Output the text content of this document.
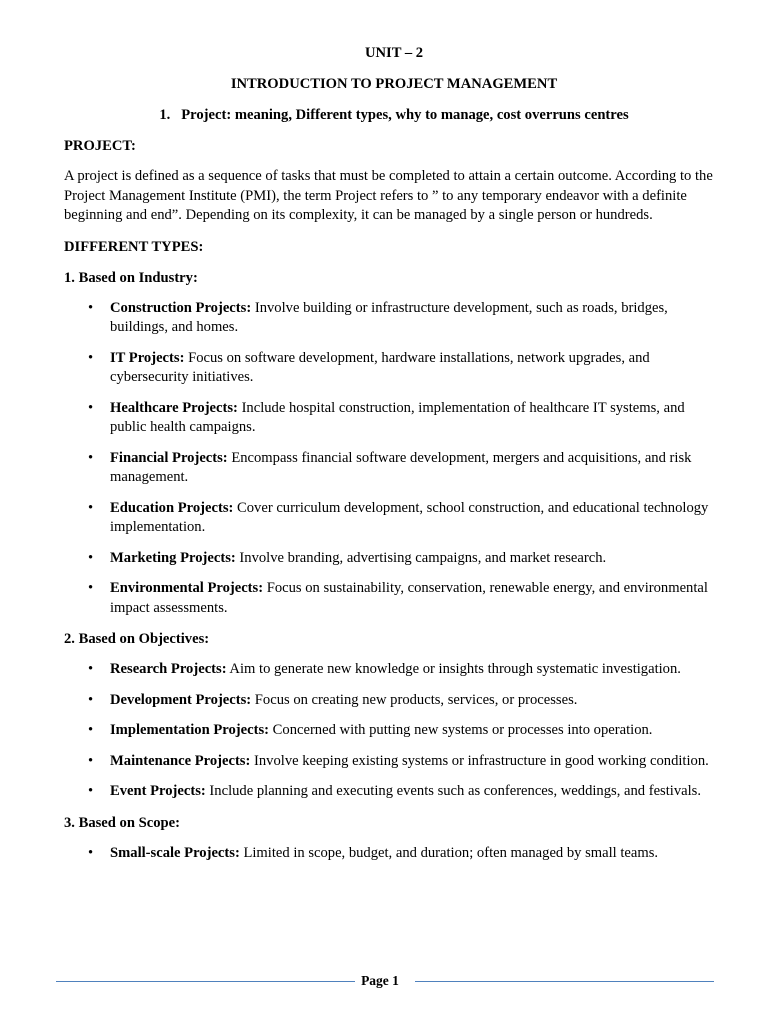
UNIT – 2

INTRODUCTION TO PROJECT MANAGEMENT

1. Project: meaning, Different types, why to manage, cost overruns centres

PROJECT:

A project is defined as a sequence of tasks that must be completed to attain a certain outcome. According to the Project Management Institute (PMI), the term Project refers to ” to any temporary endeavor with a definite beginning and end”. Depending on its complexity, it can be managed by a single person or hundreds.

DIFFERENT TYPES:

1. Based on Industry:

• Construction Projects: Involve building or infrastructure development, such as roads, bridges, buildings, and homes.
• IT Projects: Focus on software development, hardware installations, network upgrades, and cybersecurity initiatives.
• Healthcare Projects: Include hospital construction, implementation of healthcare IT systems, and public health campaigns.
• Financial Projects: Encompass financial software development, mergers and acquisitions, and risk management.
• Education Projects: Cover curriculum development, school construction, and educational technology implementation.
• Marketing Projects: Involve branding, advertising campaigns, and market research.
• Environmental Projects: Focus on sustainability, conservation, renewable energy, and environmental impact assessments.

2. Based on Objectives:

• Research Projects: Aim to generate new knowledge or insights through systematic investigation.
• Development Projects: Focus on creating new products, services, or processes.
• Implementation Projects: Concerned with putting new systems or processes into operation.
• Maintenance Projects: Involve keeping existing systems or infrastructure in good working condition.
• Event Projects: Include planning and executing events such as conferences, weddings, and festivals.

3. Based on Scope:

• Small-scale Projects: Limited in scope, budget, and duration; often managed by small teams.
Page 1
